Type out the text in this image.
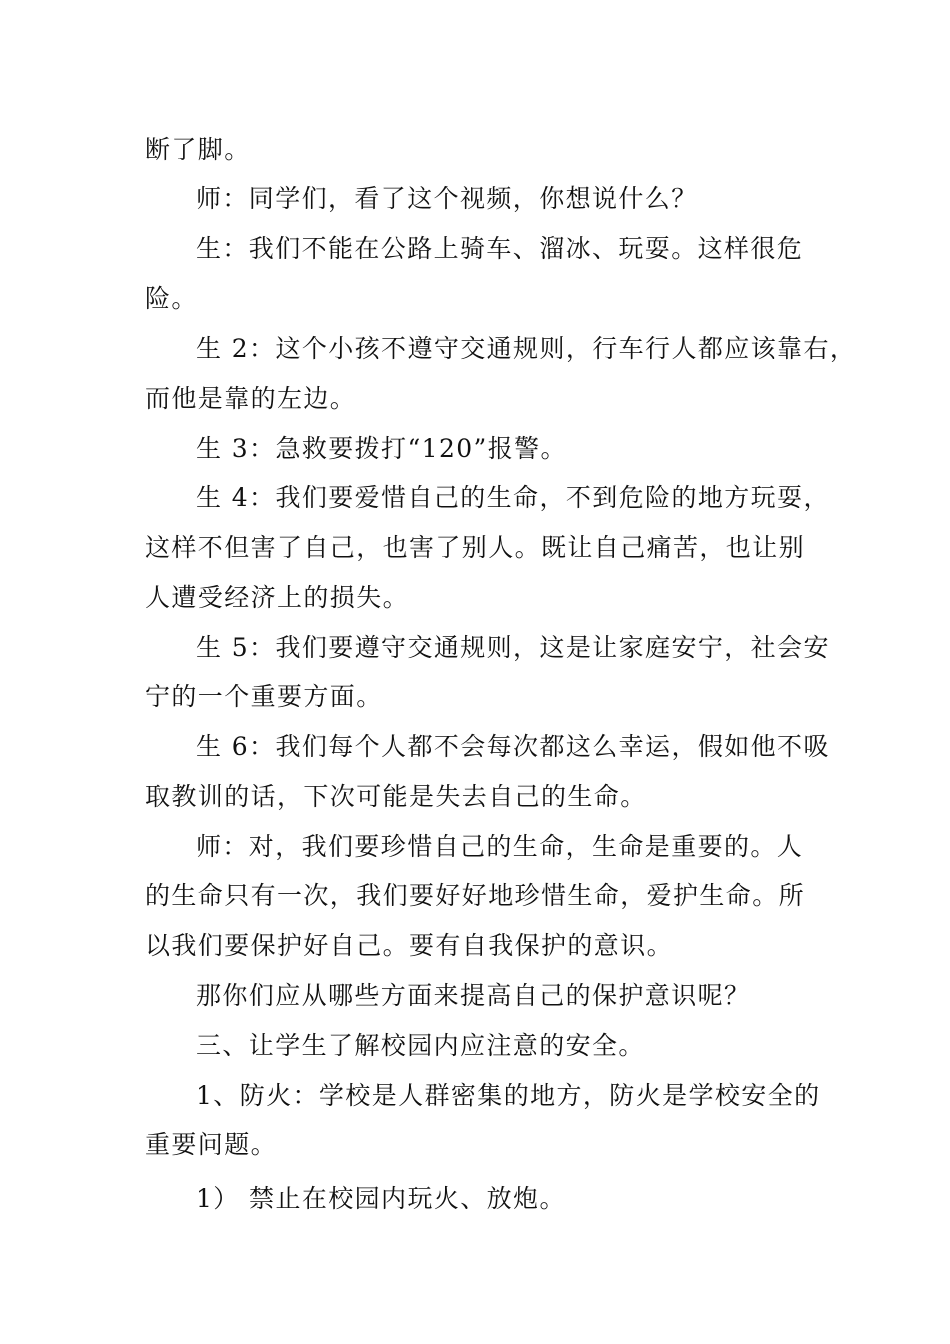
断了脚。
师：同学们，看了这个视频，你想说什么？
生：我们不能在公路上骑车、溜冰、玩耍。这样很危
险。
生 2：这个小孩不遵守交通规则，行车行人都应该靠右，
而他是靠的左边。
生 3：急救要拨打“120”报警。
生 4：我们要爱惜自己的生命，不到危险的地方玩耍，
这样不但害了自己，也害了别人。既让自己痛苦，也让别
人遭受经济上的损失。
生 5：我们要遵守交通规则，这是让家庭安宁，社会安
宁的一个重要方面。
生 6：我们每个人都不会每次都这么幸运，假如他不吸
取教训的话，下次可能是失去自己的生命。
师：对，我们要珍惜自己的生命，生命是重要的。人
的生命只有一次，我们要好好地珍惜生命，爱护生命。所
以我们要保护好自己。要有自我保护的意识。
那你们应从哪些方面来提高自己的保护意识呢？
三、让学生了解校园内应注意的安全。
1、防火：学校是人群密集的地方，防火是学校安全的
重要问题。
1） 禁止在校园内玩火、放炮。
